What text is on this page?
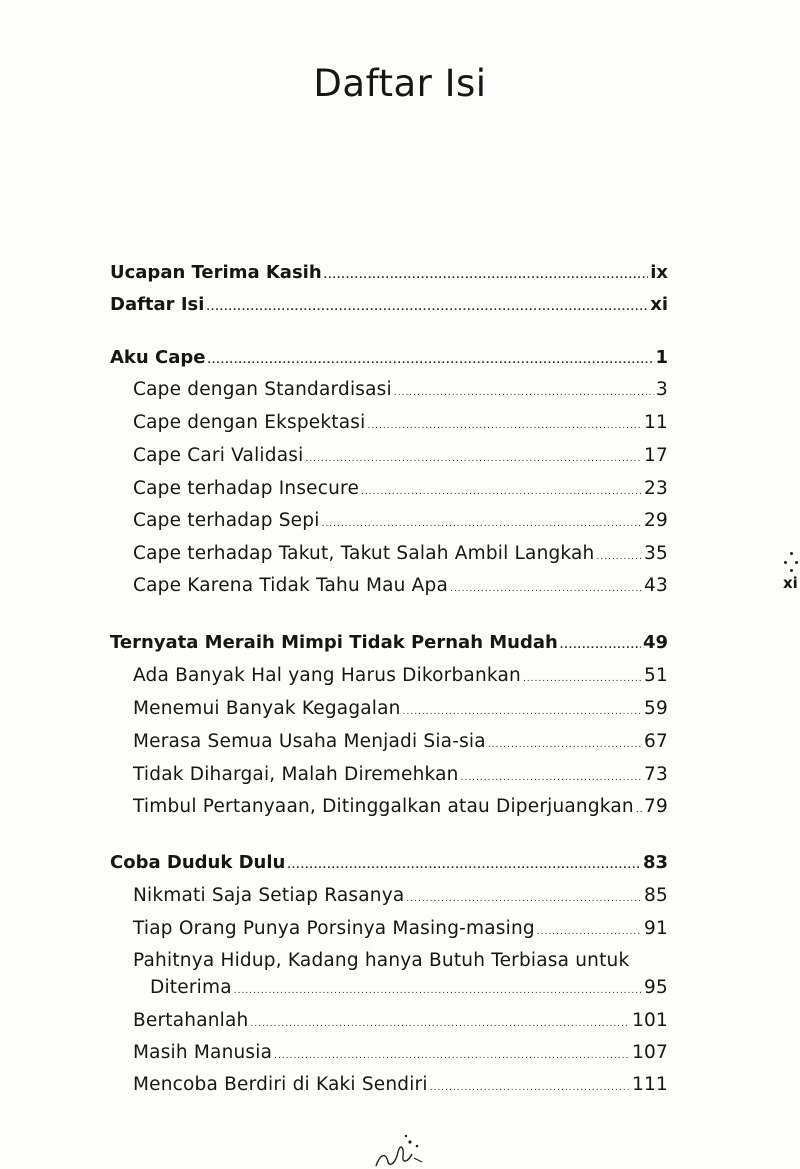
Daftar Isi
Ucapan Terima Kasih .....	ix
Daftar Isi .....	xi
Aku Cape .....	1
Cape dengan Standardisasi .....	3
Cape dengan Ekspektasi .....	11
Cape Cari Validasi .....	17
Cape terhadap Insecure .....	23
Cape terhadap Sepi .....	29
Cape terhadap Takut, Takut Salah Ambil Langkah .....	35
Cape Karena Tidak Tahu Mau Apa .....	43
Ternyata Meraih Mimpi Tidak Pernah Mudah .....	49
Ada Banyak Hal yang Harus Dikorbankan .....	51
Menemui Banyak Kegagalan .....	59
Merasa Semua Usaha Menjadi Sia-sia .....	67
Tidak Dihargai, Malah Diremehkan .....	73
Timbul Pertanyaan, Ditinggalkan atau Diperjuangkan ..... 79
Coba Duduk Dulu .....	83
Nikmati Saja Setiap Rasanya .....	85
Tiap Orang Punya Porsinya Masing-masing .....	91
Pahitnya Hidup, Kadang hanya Butuh Terbiasa untuk
Diterima .....	95
Bertahanlah .....	101
Masih Manusia .....	107
Mencoba Berdiri di Kaki Sendiri .....	111
xi
